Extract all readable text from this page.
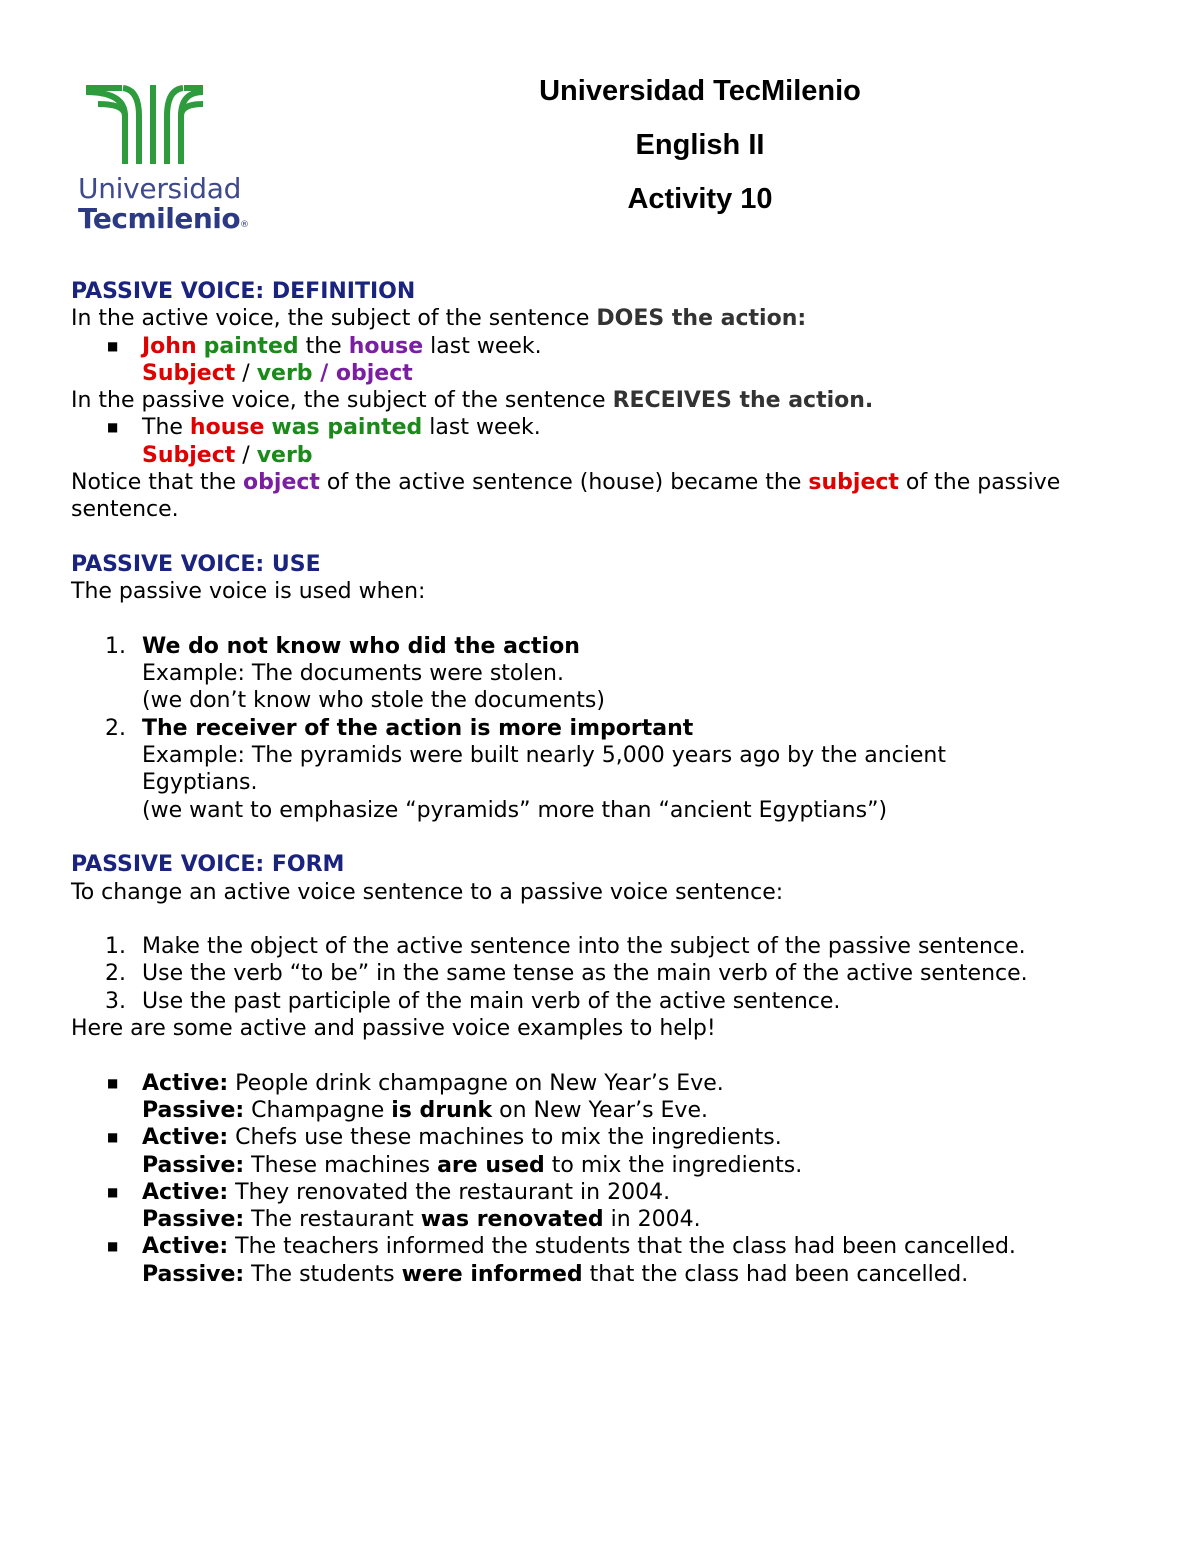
Universidad
Tecmilenio ®
Universidad TecMilenio
English II
Activity 10
PASSIVE VOICE: DEFINITION
In the active voice, the subject of the sentence DOES the action:
■ John painted the house last week.
Subject / verb / object
In the passive voice, the subject of the sentence RECEIVES the action.
■ The house was painted last week.
Subject / verb
Notice that the object of the active sentence (house) became the subject of the passive
sentence.
PASSIVE VOICE: USE
The passive voice is used when:
1. We do not know who did the action
Example: The documents were stolen.
(we don’t know who stole the documents)
2. The receiver of the action is more important
Example: The pyramids were built nearly 5,000 years ago by the ancient
Egyptians.
(we want to emphasize “pyramids” more than “ancient Egyptians”)
PASSIVE VOICE: FORM
To change an active voice sentence to a passive voice sentence:
1. Make the object of the active sentence into the subject of the passive sentence.
2. Use the verb “to be” in the same tense as the main verb of the active sentence.
3. Use the past participle of the main verb of the active sentence.
Here are some active and passive voice examples to help!
■ Active: People drink champagne on New Year’s Eve.
Passive: Champagne is drunk on New Year’s Eve.
■ Active: Chefs use these machines to mix the ingredients.
Passive: These machines are used to mix the ingredients.
■ Active: They renovated the restaurant in 2004.
Passive: The restaurant was renovated in 2004.
■ Active: The teachers informed the students that the class had been cancelled.
Passive: The students were informed that the class had been cancelled.
